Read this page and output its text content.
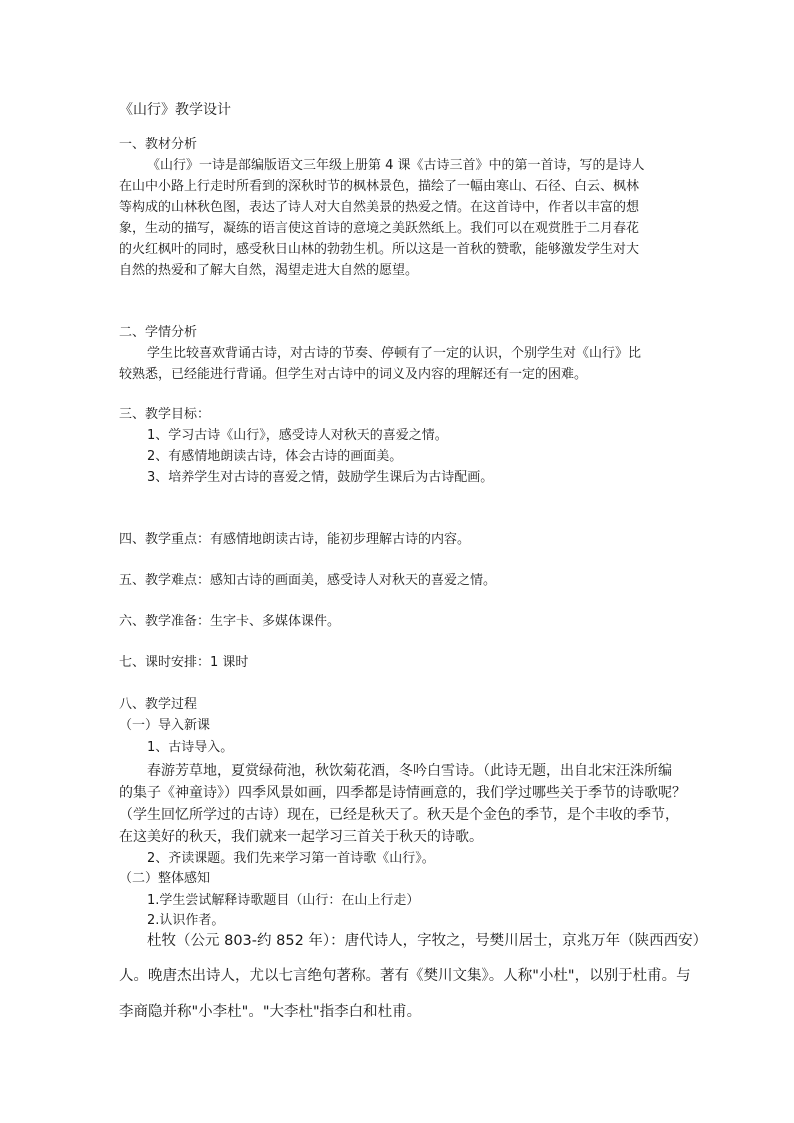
《山行》教学设计
一、教材分析
《山行》一诗是部编版语文三年级上册第 4 课《古诗三首》中的第一首诗，写的是诗人
在山中小路上行走时所看到的深秋时节的枫林景色，描绘了一幅由寒山、石径、白云、枫林
等构成的山林秋色图，表达了诗人对大自然美景的热爱之情。在这首诗中，作者以丰富的想
象，生动的描写，凝练的语言使这首诗的意境之美跃然纸上。我们可以在观赏胜于二月春花
的火红枫叶的同时，感受秋日山林的勃勃生机。所以这是一首秋的赞歌，能够激发学生对大
自然的热爱和了解大自然，渴望走进大自然的愿望。
二、学情分析
学生比较喜欢背诵古诗，对古诗的节奏、停顿有了一定的认识，个别学生对《山行》比
较熟悉，已经能进行背诵。但学生对古诗中的词义及内容的理解还有一定的困难。
三、教学目标：
1、学习古诗《山行》，感受诗人对秋天的喜爱之情。
2、有感情地朗读古诗，体会古诗的画面美。
3、培养学生对古诗的喜爱之情，鼓励学生课后为古诗配画。
四、教学重点：有感情地朗读古诗，能初步理解古诗的内容。
五、教学难点：感知古诗的画面美，感受诗人对秋天的喜爱之情。
六、教学准备：生字卡、多媒体课件。
七、课时安排：1 课时
八、教学过程
（一）导入新课
1、古诗导入。
春游芳草地，夏赏绿荷池，秋饮菊花酒，冬吟白雪诗。（此诗无题，出自北宋汪洙所编
的集子《神童诗》）四季风景如画，四季都是诗情画意的，我们学过哪些关于季节的诗歌呢？
（学生回忆所学过的古诗）现在，已经是秋天了。秋天是个金色的季节，是个丰收的季节，
在这美好的秋天，我们就来一起学习三首关于秋天的诗歌。
2、齐读课题。我们先来学习第一首诗歌《山行》。
（二）整体感知
1.学生尝试解释诗歌题目（山行：在山上行走）
2.认识作者。
杜牧（公元 803-约 852 年）：唐代诗人，字牧之，号樊川居士，京兆万年（陕西西安）
人。晚唐杰出诗人，尤以七言绝句著称。著有《樊川文集》。人称"小杜"，以别于杜甫。与
李商隐并称"小李杜"。"大李杜"指李白和杜甫。
